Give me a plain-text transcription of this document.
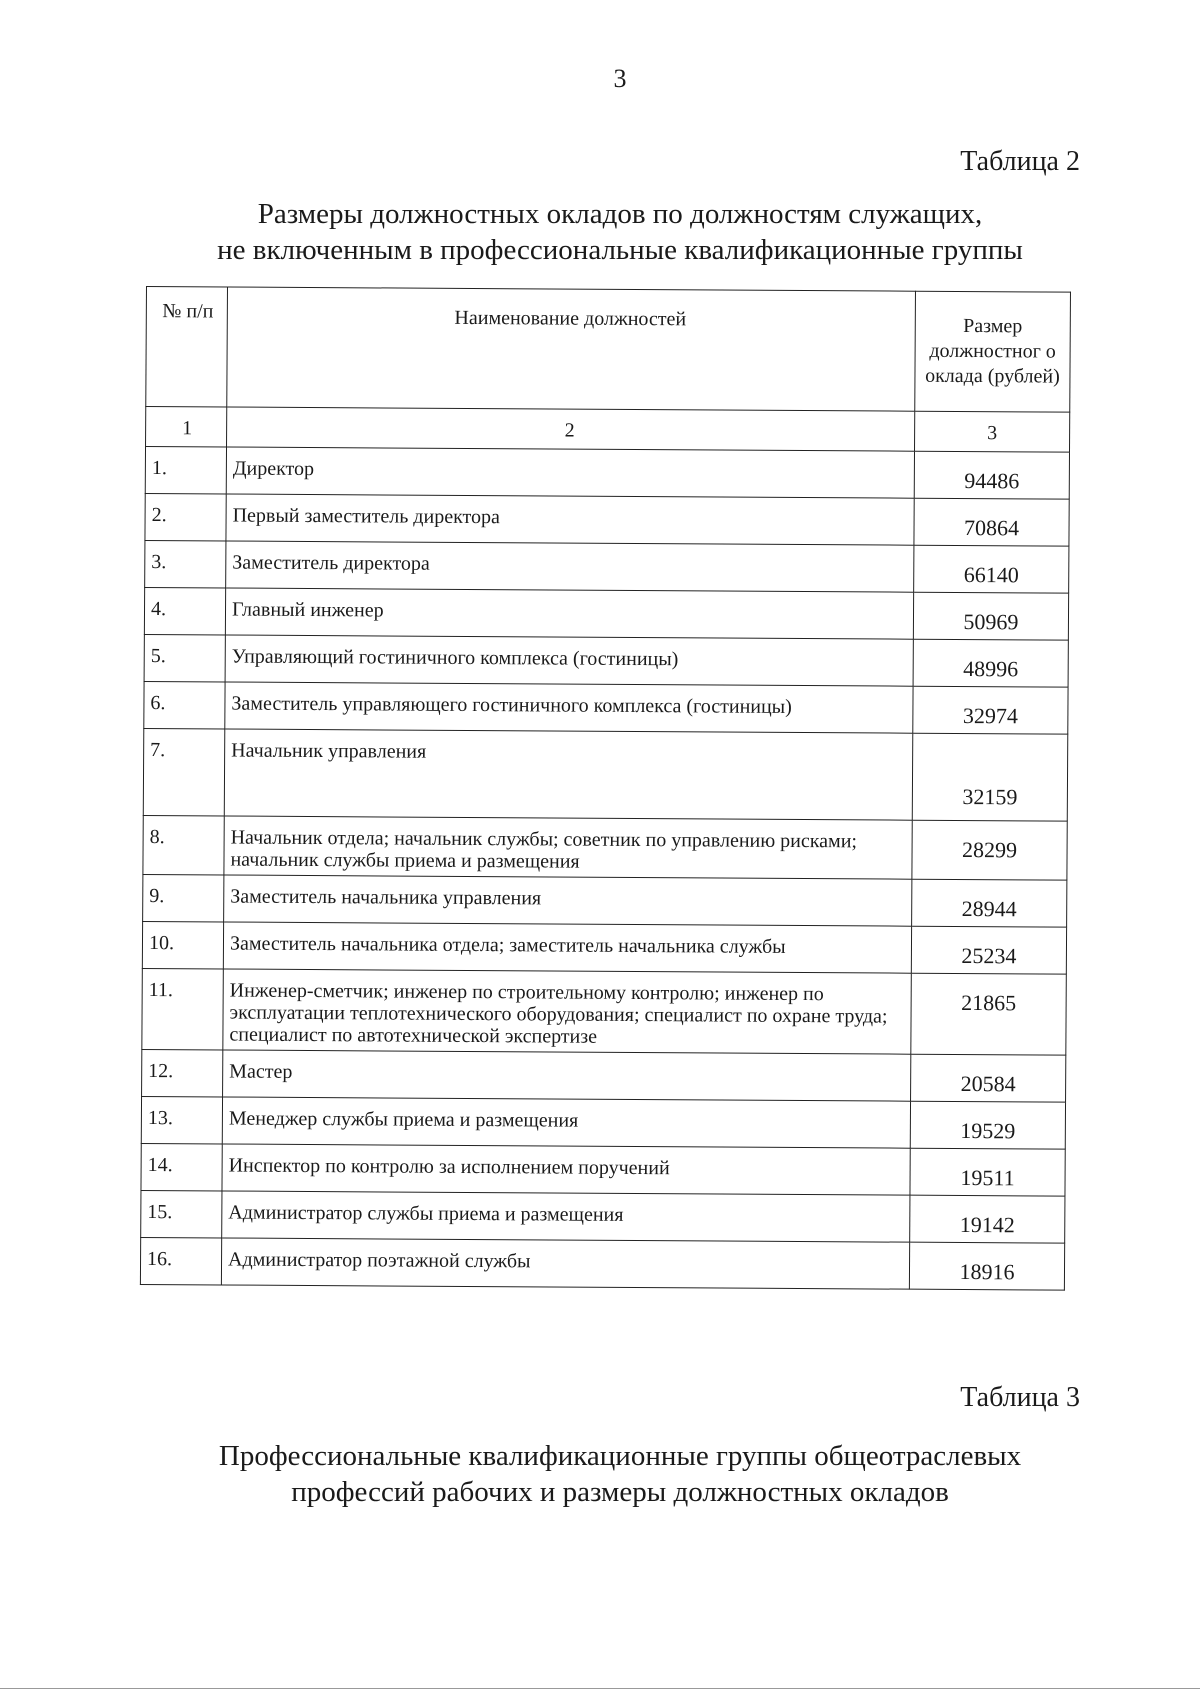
3
Таблица 2
Размеры должностных окладов по должностям служащих,
не включенным в профессиональные квалификационные группы
№ п/п	Наименование должностей	Размер должностног о оклада (рублей)
1	2	3
1.	Директор	94486
2.	Первый заместитель директора	70864
3.	Заместитель директора	66140
4.	Главный инженер	50969
5.	Управляющий гостиничного комплекса (гостиницы)	48996
6.	Заместитель управляющего гостиничного комплекса (гостиницы)	32974
7.	Начальник управления	32159
8.	Начальник отдела; начальник службы; советник по управлению рисками; начальник службы приема и размещения	28299
9.	Заместитель начальника управления	28944
10.	Заместитель начальника отдела; заместитель начальника службы	25234
11.	Инженер-сметчик; инженер по строительному контролю; инженер по эксплуатации теплотехнического оборудования; специалист по охране труда; специалист по автотехнической экспертизе	21865
12.	Мастер	20584
13.	Менеджер службы приема и размещения	19529
14.	Инспектор по контролю за исполнением поручений	19511
15.	Администратор службы приема и размещения	19142
16.	Администратор поэтажной службы	18916
Таблица 3
Профессиональные квалификационные группы общеотраслевых
профессий рабочих и размеры должностных окладов
